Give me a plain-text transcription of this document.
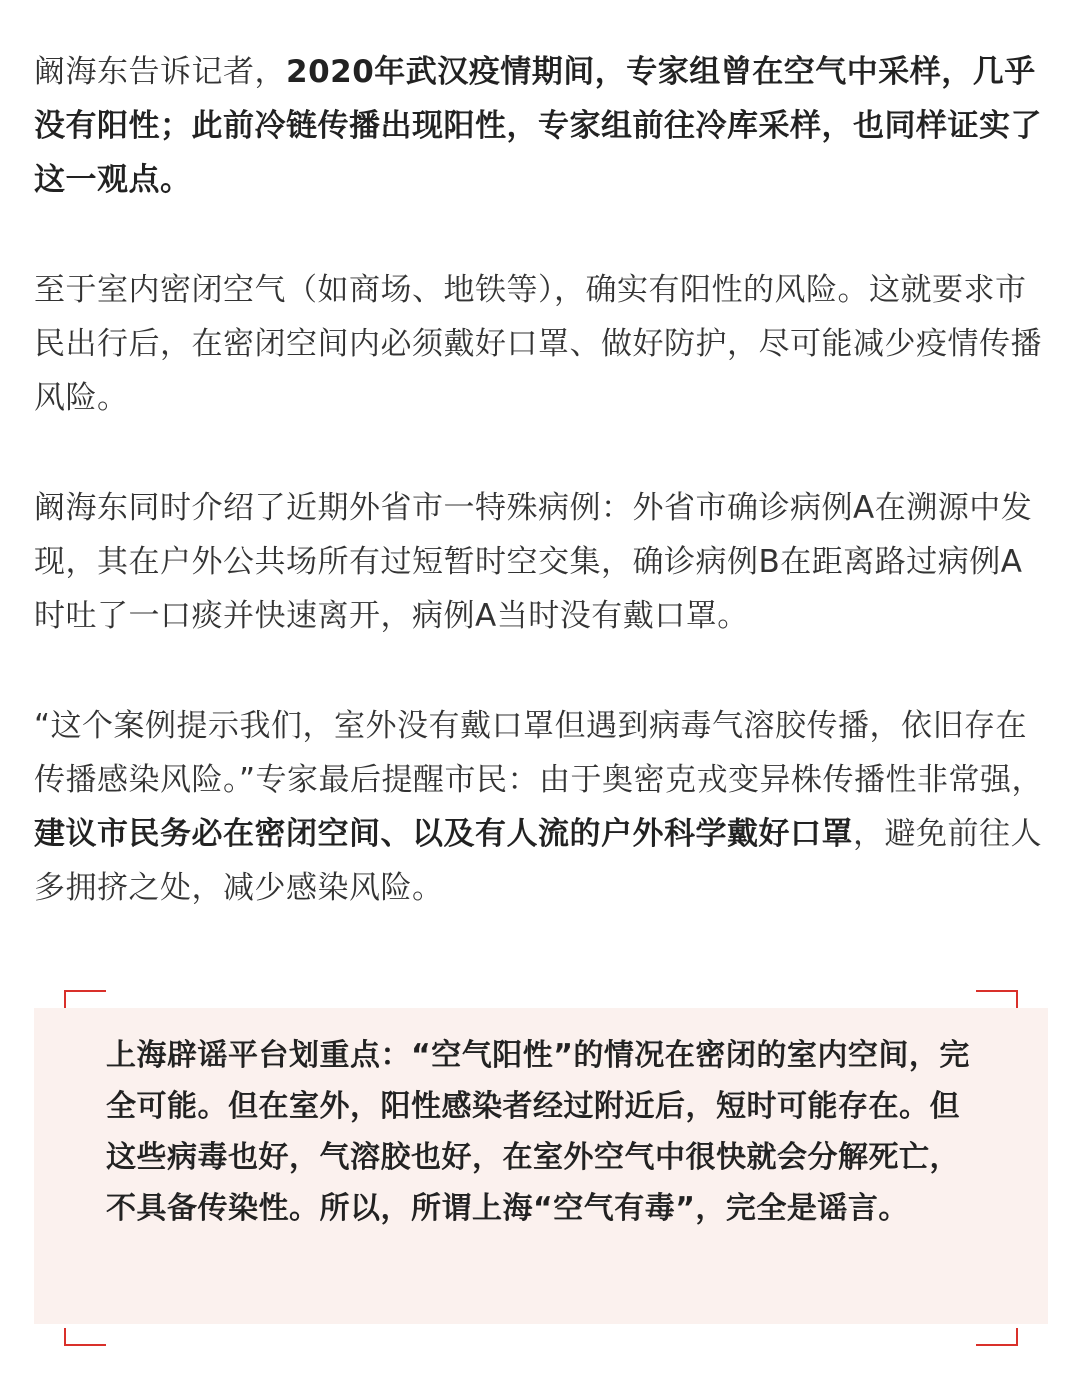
阚海东告诉记者，2020年武汉疫情期间，专家组曾在空气中采样，几乎没有阳性；此前冷链传播出现阳性，专家组前往冷库采样，也同样证实了这一观点。

至于室内密闭空气（如商场、地铁等），确实有阳性的风险。这就要求市民出行后，在密闭空间内必须戴好口罩、做好防护，尽可能减少疫情传播风险。

阚海东同时介绍了近期外省市一特殊病例：外省市确诊病例A在溯源中发现，其在户外公共场所有过短暂时空交集，确诊病例B在距离路过病例A时吐了一口痰并快速离开，病例A当时没有戴口罩。

“这个案例提示我们，室外没有戴口罩但遇到病毒气溶胶传播，依旧存在传播感染风险。”专家最后提醒市民：由于奥密克戎变异株传播性非常强，建议市民务必在密闭空间、以及有人流的户外科学戴好口罩，避免前往人多拥挤之处，减少感染风险。

上海辟谣平台划重点：“空气阳性”的情况在密闭的室内空间，完全可能。但在室外，阳性感染者经过附近后，短时可能存在。但这些病毒也好，气溶胶也好，在室外空气中很快就会分解死亡，不具备传染性。所以，所谓上海“空气有毒”，完全是谣言。
